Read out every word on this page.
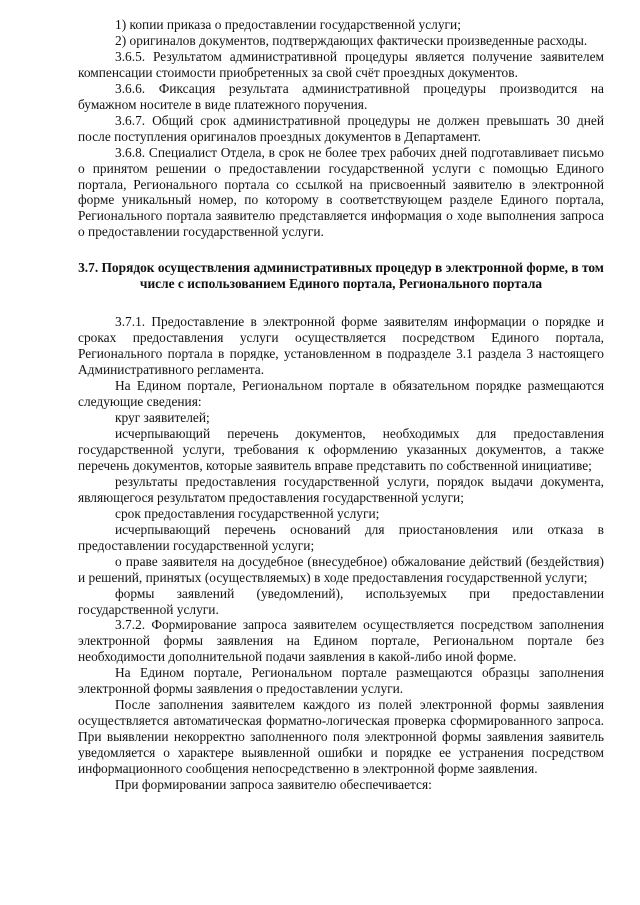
1) копии приказа о предоставлении государственной услуги;

2) оригиналов документов, подтверждающих фактически произведенные расходы.

3.6.5. Результатом административной процедуры является получение заявителем компенсации стоимости приобретенных за свой счёт проездных документов.

3.6.6. Фиксация результата административной процедуры производится на бумажном носителе в виде платежного поручения.

3.6.7. Общий срок административной процедуры не должен превышать 30 дней после поступления оригиналов проездных документов в Департамент.

3.6.8. Специалист Отдела, в срок не более трех рабочих дней подготавливает письмо о принятом решении о предоставлении государственной услуги с помощью Единого портала, Регионального портала со ссылкой на присвоенный заявителю в электронной форме уникальный номер, по которому в соответствующем разделе Единого портала, Регионального портала заявителю представляется информация о ходе выполнения запроса о предоставлении государственной услуги.

3.7. Порядок осуществления административных процедур в электронной форме, в том числе с использованием Единого портала, Регионального портала

3.7.1. Предоставление в электронной форме заявителям информации о порядке и сроках предоставления услуги осуществляется посредством Единого портала, Регионального портала в порядке, установленном в подразделе 3.1 раздела 3 настоящего Административного регламента.

На Едином портале, Региональном портале в обязательном порядке размещаются следующие сведения:

круг заявителей;

исчерпывающий перечень документов, необходимых для предоставления государственной услуги, требования к оформлению указанных документов, а также перечень документов, которые заявитель вправе представить по собственной инициативе;

результаты предоставления государственной услуги, порядок выдачи документа, являющегося результатом предоставления государственной услуги;

срок предоставления государственной услуги;

исчерпывающий перечень оснований для приостановления или отказа в предоставлении государственной услуги;

о праве заявителя на досудебное (внесудебное) обжалование действий (бездействия) и решений, принятых (осуществляемых) в ходе предоставления государственной услуги;

формы заявлений (уведомлений), используемых при предоставлении государственной услуги.

3.7.2. Формирование запроса заявителем осуществляется посредством заполнения электронной формы заявления на Едином портале, Региональном портале без необходимости дополнительной подачи заявления в какой-либо иной форме.

На Едином портале, Региональном портале размещаются образцы заполнения электронной формы заявления о предоставлении услуги.

После заполнения заявителем каждого из полей электронной формы заявления осуществляется автоматическая форматно-логическая проверка сформированного запроса. При выявлении некорректно заполненного поля электронной формы заявления заявитель уведомляется о характере выявленной ошибки и порядке ее устранения посредством информационного сообщения непосредственно в электронной форме заявления.

При формировании запроса заявителю обеспечивается:
